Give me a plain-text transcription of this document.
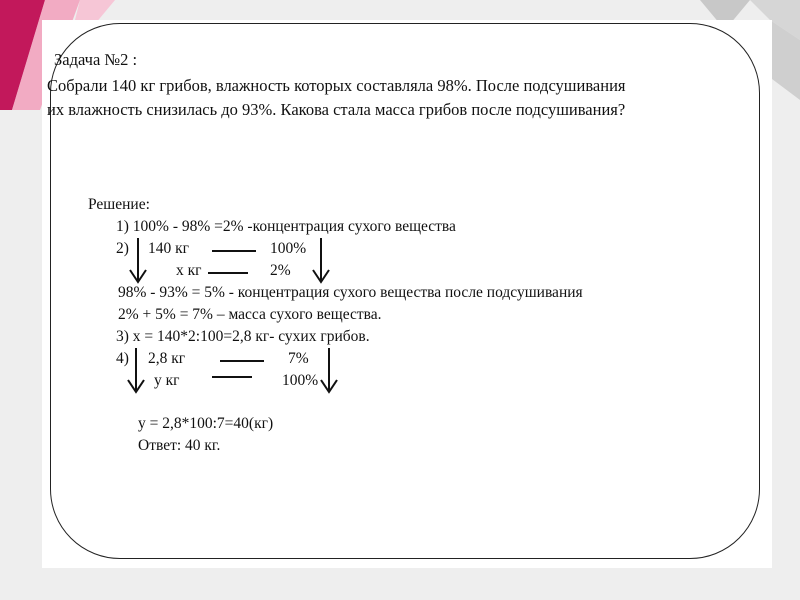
Задача №2 :
Собрали 140 кг грибов, влажность которых составляла 98%. После подсушивания
их влажность снизилась до 93%. Какова стала масса грибов после подсушивания?
Решение:
1) 100% - 98% =2% -концентрация сухого вещества
2) 140 кг	100%
х кг	2%
98% - 93% = 5% - концентрация сухого вещества после подсушивания
2% + 5% = 7% – масса сухого вещества.
3) х = 140*2:100=2,8 кг- сухих грибов.
4) 2,8 кг	7%
у кг	100%
у = 2,8*100:7=40(кг)
Ответ: 40 кг.
